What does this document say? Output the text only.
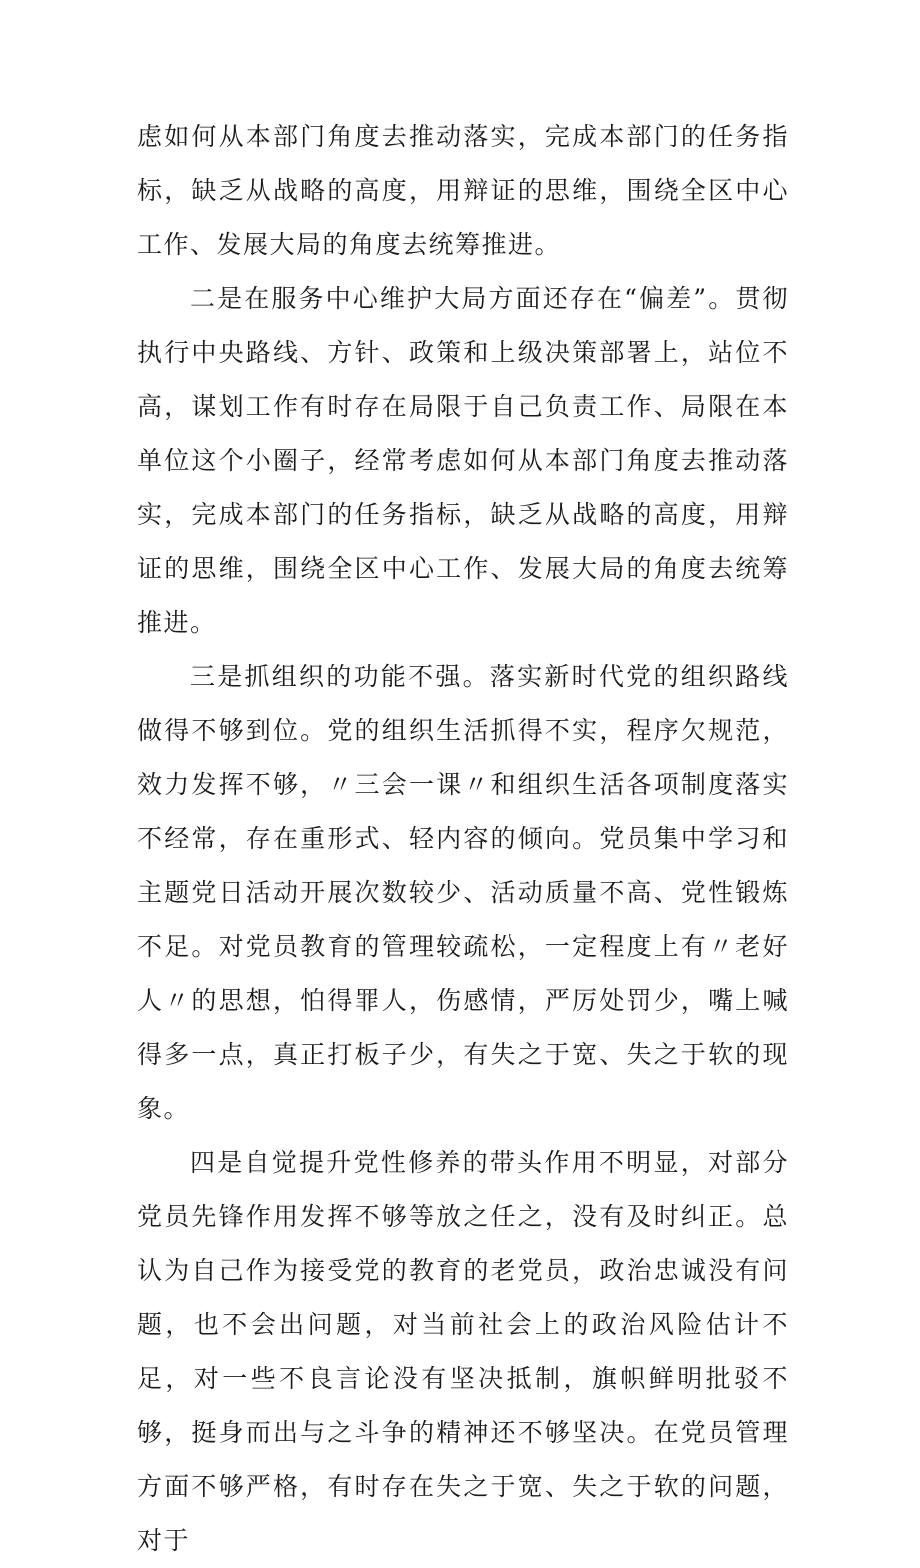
虑如何从本部门角度去推动落实，完成本部门的任务指标，缺乏从战略的高度，用辩证的思维，围绕全区中心工作、发展大局的角度去统筹推进。

二是在服务中心维护大局方面还存在“偏差”。贯彻执行中央路线、方针、政策和上级决策部署上，站位不高，谋划工作有时存在局限于自己负责工作、局限在本单位这个小圈子，经常考虑如何从本部门角度去推动落实，完成本部门的任务指标，缺乏从战略的高度，用辩证的思维，围绕全区中心工作、发展大局的角度去统筹推进。

三是抓组织的功能不强。落实新时代党的组织路线做得不够到位。党的组织生活抓得不实，程序欠规范，效力发挥不够，〃三会一课〃和组织生活各项制度落实不经常，存在重形式、轻内容的倾向。党员集中学习和主题党日活动开展次数较少、活动质量不高、党性锻炼不足。对党员教育的管理较疏松，一定程度上有〃老好人〃的思想，怕得罪人，伤感情，严厉处罚少，嘴上喊得多一点，真正打板子少，有失之于宽、失之于软的现象。

四是自觉提升党性修养的带头作用不明显，对部分党员先锋作用发挥不够等放之任之，没有及时纠正。总认为自己作为接受党的教育的老党员，政治忠诚没有问题，也不会出问题，对当前社会上的政治风险估计不足，对一些不良言论没有坚决抵制，旗帜鲜明批驳不够，挺身而出与之斗争的精神还不够坚决。在党员管理方面不够严格，有时存在失之于宽、失之于软的问题，对于
